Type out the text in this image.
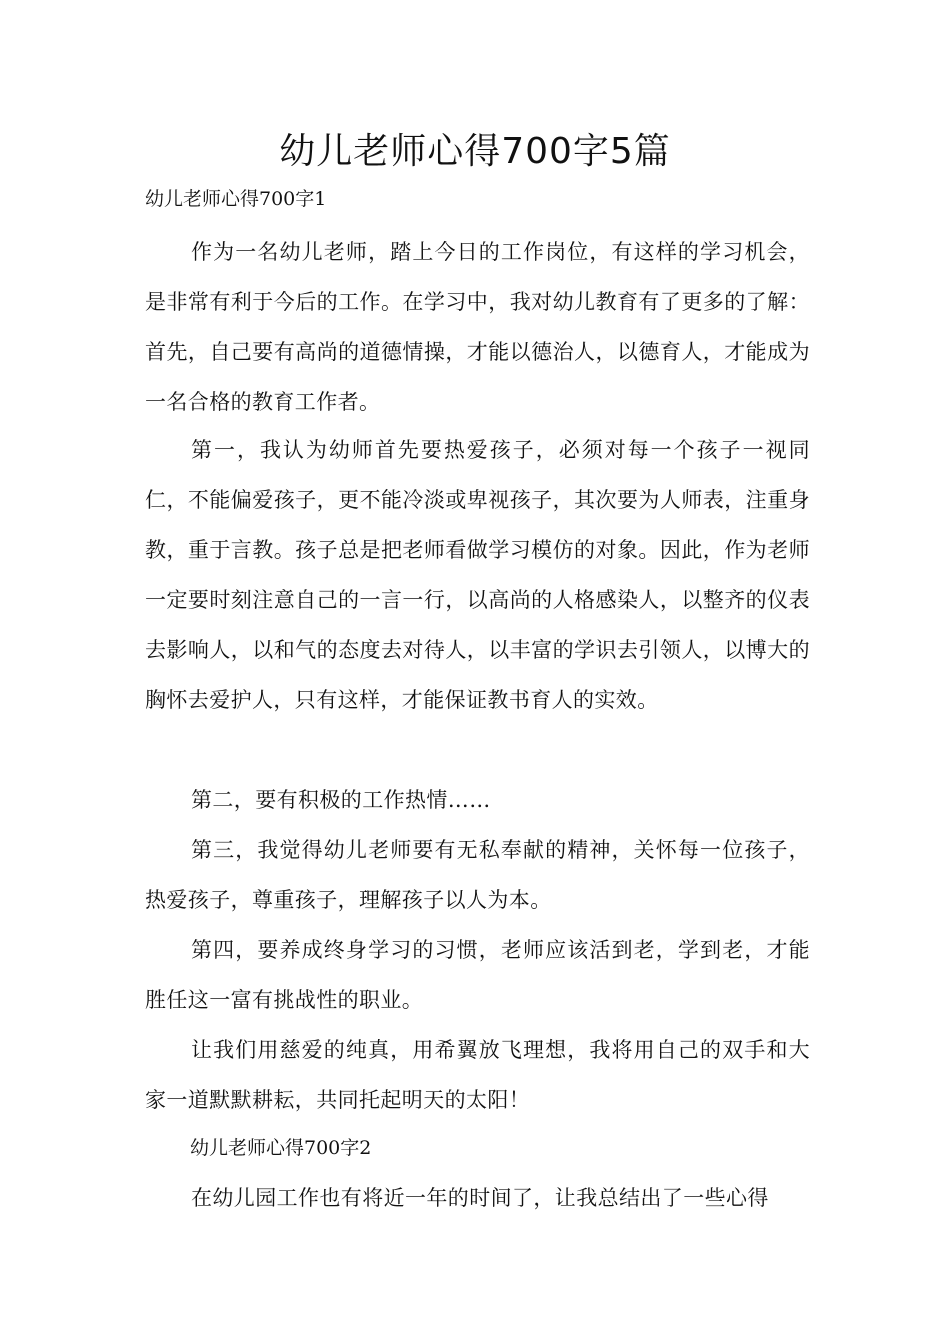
幼儿老师心得700字5篇

幼儿老师心得700字1

作为一名幼儿老师，踏上今日的工作岗位，有这样的学习机会，是非常有利于今后的工作。在学习中，我对幼儿教育有了更多的了解：首先，自己要有高尚的道德情操，才能以德治人，以德育人，才能成为一名合格的教育工作者。

第一，我认为幼师首先要热爱孩子，必须对每一个孩子一视同仁，不能偏爱孩子，更不能冷淡或卑视孩子，其次要为人师表，注重身教，重于言教。孩子总是把老师看做学习模仿的对象。因此，作为老师一定要时刻注意自己的一言一行，以高尚的人格感染人，以整齐的仪表去影响人，以和气的态度去对待人，以丰富的学识去引领人，以博大的胸怀去爱护人，只有这样，才能保证教书育人的实效。

第二，要有积极的工作热情……

第三，我觉得幼儿老师要有无私奉献的精神，关怀每一位孩子，热爱孩子，尊重孩子，理解孩子以人为本。

第四，要养成终身学习的习惯，老师应该活到老，学到老，才能胜任这一富有挑战性的职业。

让我们用慈爱的纯真，用希翼放飞理想，我将用自己的双手和大家一道默默耕耘，共同托起明天的太阳！

幼儿老师心得700字2

在幼儿园工作也有将近一年的时间了，让我总结出了一些心得
